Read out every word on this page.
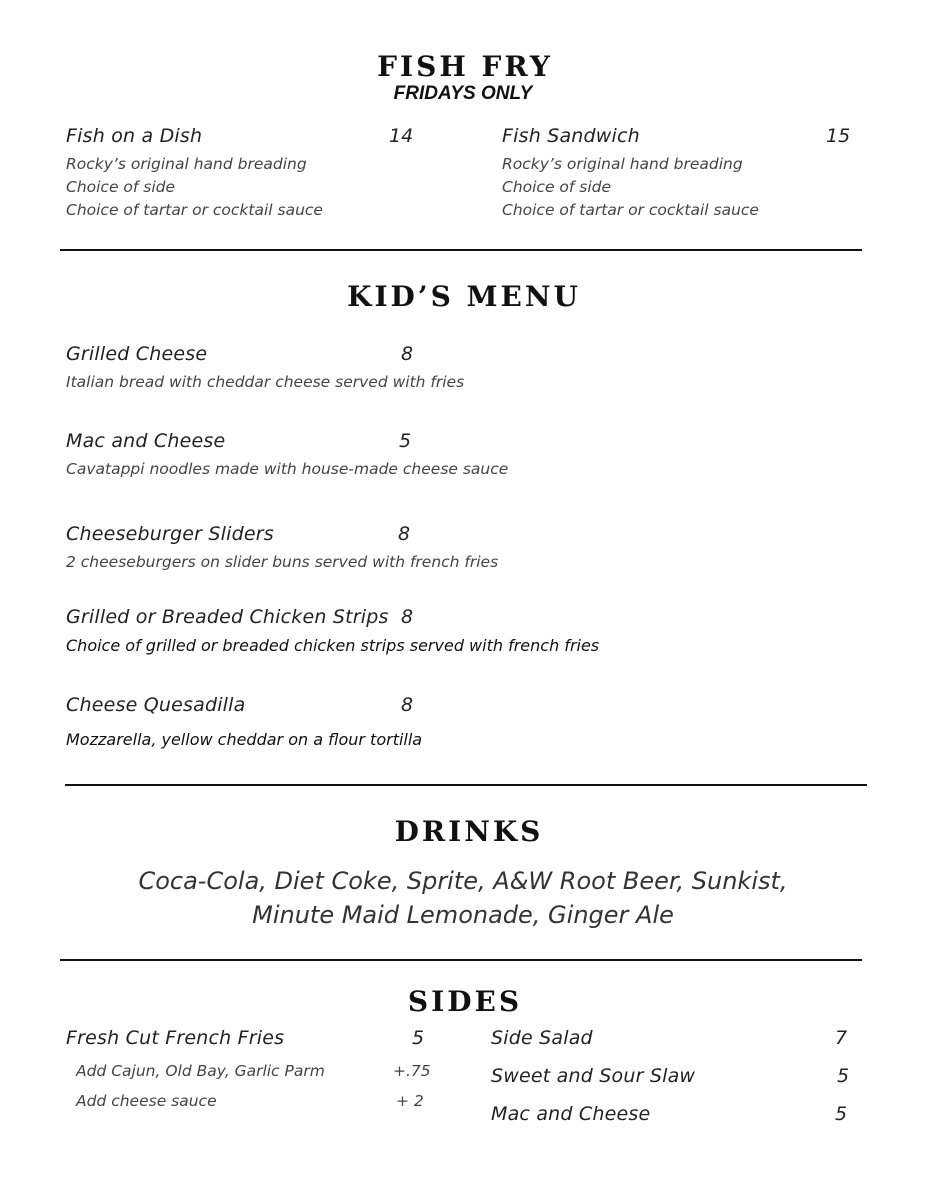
FISH FRY
FRIDAYS ONLY
Fish on a Dish	14
Rocky’s original hand breading
Choice of side
Choice of tartar or cocktail sauce
Fish Sandwich	15
Rocky’s original hand breading
Choice of side
Choice of tartar or cocktail sauce
KID’S MENU
Grilled Cheese	8
Italian bread with cheddar cheese served with fries
Mac and Cheese	5
Cavatappi noodles made with house-made cheese sauce
Cheeseburger Sliders	8
2 cheeseburgers on slider buns served with french fries
Grilled or Breaded Chicken Strips 8
Choice of grilled or breaded chicken strips served with french fries
Cheese Quesadilla	8
Mozzarella, yellow cheddar on a flour tortilla
DRINKS
Coca-Cola, Diet Coke, Sprite, A&W Root Beer, Sunkist,
Minute Maid Lemonade, Ginger Ale
SIDES
Fresh Cut French Fries	5
Add Cajun, Old Bay, Garlic Parm	+.75
Add cheese sauce	+ 2
Side Salad	7
Sweet and Sour Slaw	5
Mac and Cheese	5
